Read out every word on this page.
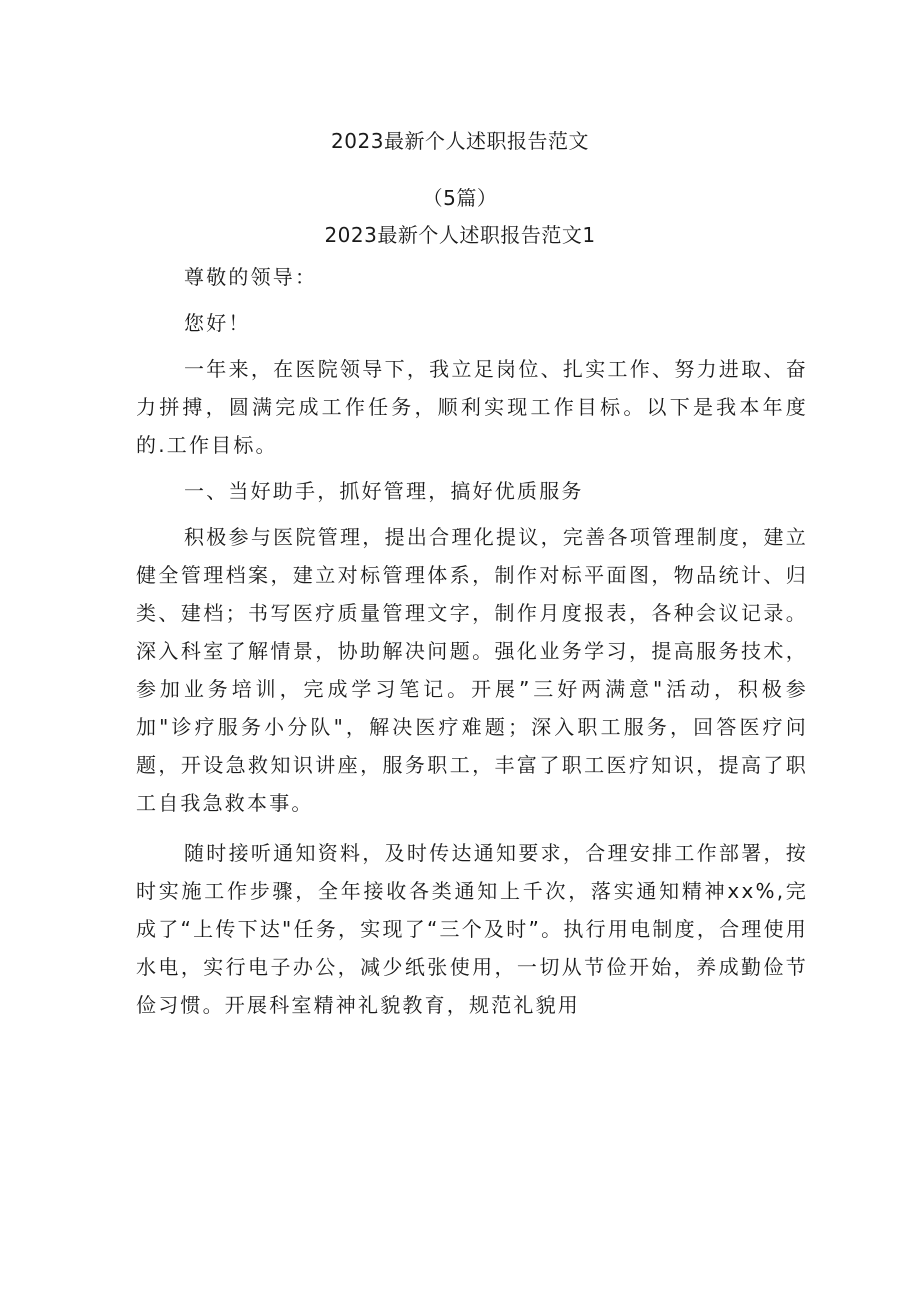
2023最新个人述职报告范文
（5篇）
2023最新个人述职报告范文1

尊敬的领导：

您好！

一年来，在医院领导下，我立足岗位、扎实工作、努力进取、奋力拼搏，圆满完成工作任务，顺利实现工作目标。以下是我本年度的.工作目标。

一、当好助手，抓好管理，搞好优质服务

积极参与医院管理，提出合理化提议，完善各项管理制度，建立健全管理档案，建立对标管理体系，制作对标平面图，物品统计、归类、建档；书写医疗质量管理文字，制作月度报表，各种会议记录。深入科室了解情景，协助解决问题。强化业务学习，提高服务技术，参加业务培训，完成学习笔记。开展”三好两满意"活动，积极参加"诊疗服务小分队"，解决医疗难题；深入职工服务，回答医疗问题，开设急救知识讲座，服务职工，丰富了职工医疗知识，提高了职工自我急救本事。

随时接听通知资料，及时传达通知要求，合理安排工作部署，按时实施工作步骤，全年接收各类通知上千次，落实通知精神xx%,完成了“上传下达"任务，实现了“三个及时”。执行用电制度，合理使用水电，实行电子办公，减少纸张使用，一切从节俭开始，养成勤俭节俭习惯。开展科室精神礼貌教育，规范礼貌用
